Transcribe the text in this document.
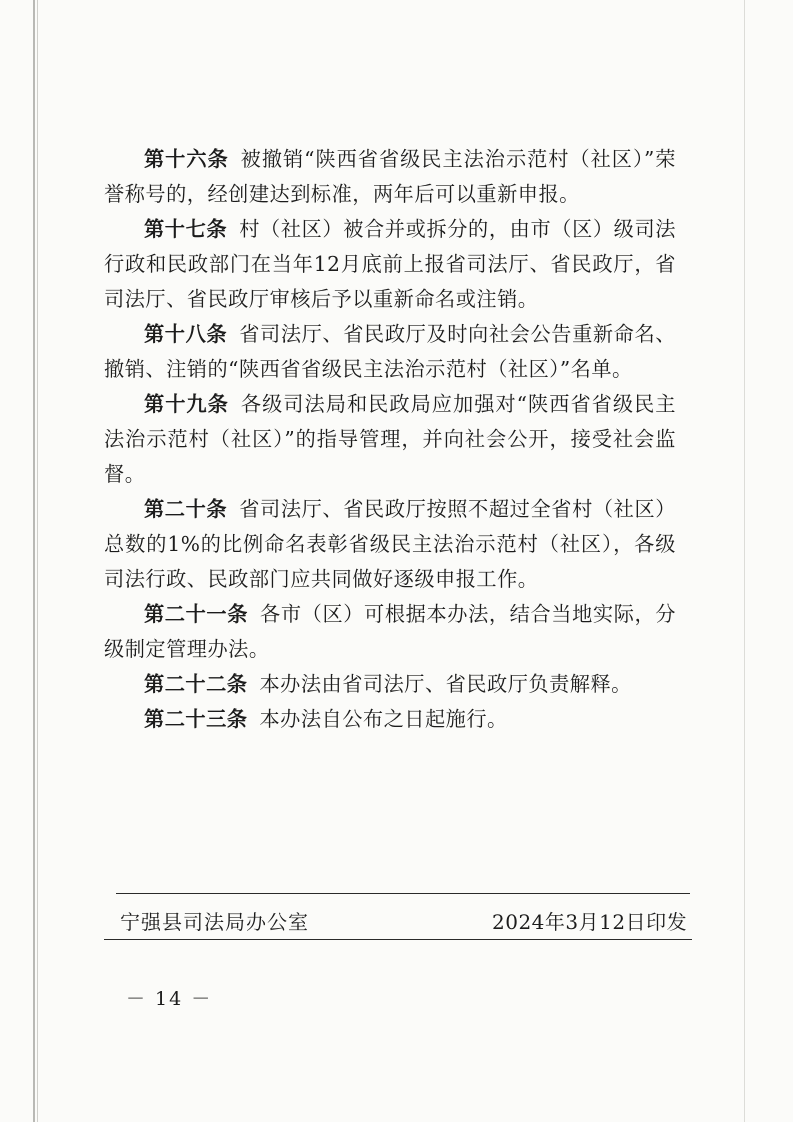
第十六条 被撤销“陕西省省级民主法治示范村（社区）”荣誉称号的，经创建达到标准，两年后可以重新申报。

第十七条 村（社区）被合并或拆分的，由市（区）级司法行政和民政部门在当年12月底前上报省司法厅、省民政厅，省司法厅、省民政厅审核后予以重新命名或注销。

第十八条 省司法厅、省民政厅及时向社会公告重新命名、撤销、注销的“陕西省省级民主法治示范村（社区）”名单。

第十九条 各级司法局和民政局应加强对“陕西省省级民主法治示范村（社区）”的指导管理，并向社会公开，接受社会监督。

第二十条 省司法厅、省民政厅按照不超过全省村（社区）总数的1%的比例命名表彰省级民主法治示范村（社区），各级司法行政、民政部门应共同做好逐级申报工作。

第二十一条 各市（区）可根据本办法，结合当地实际，分级制定管理办法。

第二十二条 本办法由省司法厅、省民政厅负责解释。

第二十三条 本办法自公布之日起施行。

宁强县司法局办公室	2024年3月12日印发
－ 14 －
